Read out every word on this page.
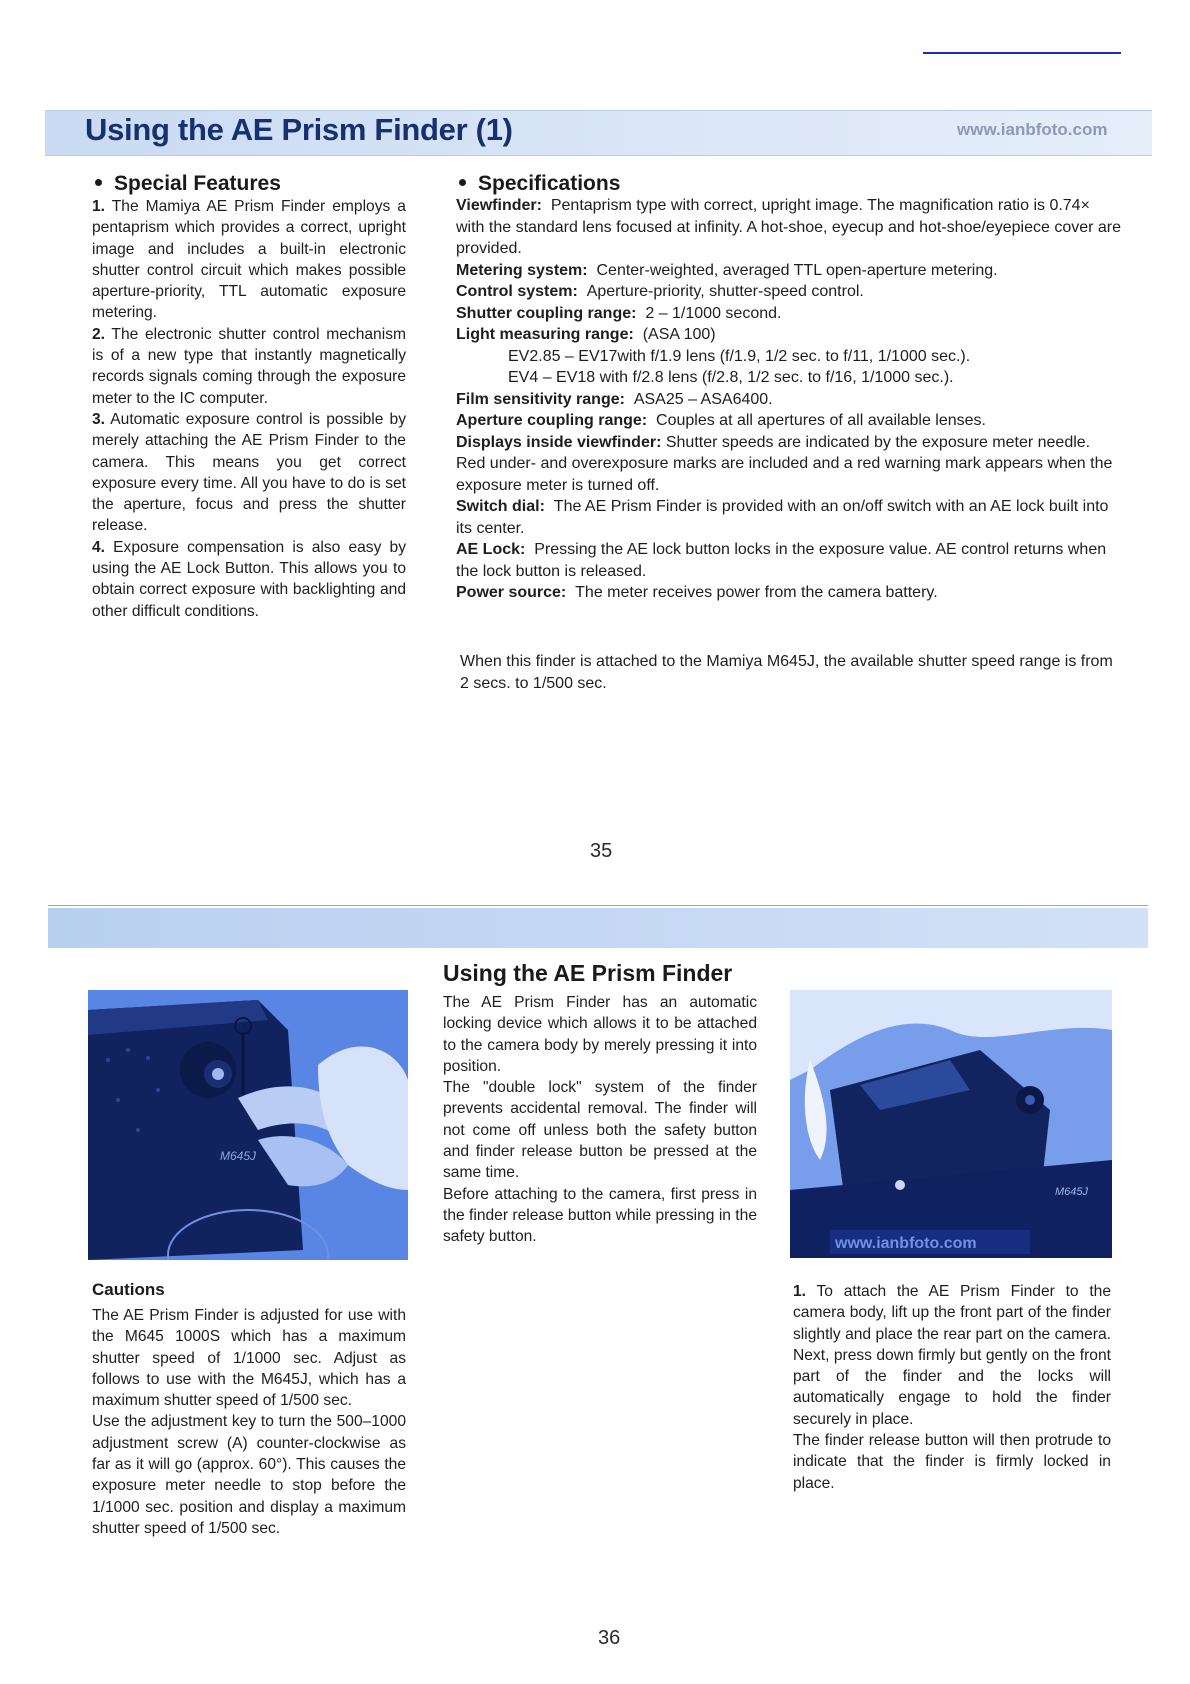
Using the AE Prism Finder (1)	www.ianbfoto.com
Special Features

1. The Mamiya AE Prism Finder employs a pentaprism which provides a correct, upright image and includes a built-in electronic shutter control circuit which makes possible aperture-priority, TTL automatic exposure metering.

2. The electronic shutter control mechanism is of a new type that instantly magnetically records signals coming through the exposure meter to the IC computer.

3. Automatic exposure control is possible by merely attaching the AE Prism Finder to the camera. This means you get correct exposure every time. All you have to do is set the aperture, focus and press the shutter release.

4. Exposure compensation is also easy by using the AE Lock Button. This allows you to obtain correct exposure with backlighting and other difficult conditions.

Specifications

Viewfinder: Pentaprism type with correct, upright image. The magnification ratio is 0.74× with the standard lens focused at infinity. A hot-shoe, eyecup and hot-shoe/eyepiece cover are provided.

Metering system: Center-weighted, averaged TTL open-aperture metering.

Control system: Aperture-priority, shutter-speed control.

Shutter coupling range: 2 – 1/1000 second.

Light measuring range: (ASA 100)
EV2.85 – EV17with f/1.9 lens (f/1.9, 1/2 sec. to f/11, 1/1000 sec.).
EV4 – EV18 with f/2.8 lens (f/2.8, 1/2 sec. to f/16, 1/1000 sec.).

Film sensitivity range: ASA25 – ASA6400.

Aperture coupling range: Couples at all apertures of all available lenses.

Displays inside viewfinder: Shutter speeds are indicated by the exposure meter needle. Red under- and overexposure marks are included and a red warning mark appears when the exposure meter is turned off.

Switch dial: The AE Prism Finder is provided with an on/off switch with an AE lock built into its center.

AE Lock: Pressing the AE lock button locks in the exposure value. AE control returns when the lock button is released.

Power source: The meter receives power from the camera battery.

When this finder is attached to the Mamiya M645J, the available shutter speed range is from 2 secs. to 1/500 sec.
35
Ⓐ
M645J
Using the AE Prism Finder

The AE Prism Finder has an automatic locking device which allows it to be attached to the camera body by merely pressing it into position.

The "double lock" system of the finder prevents accidental removal. The finder will not come off unless both the safety button and finder release button be pressed at the same time.

Before attaching to the camera, first press in the finder release button while pressing in the safety button.

M645J
www.ianbfoto.com
Cautions

The AE Prism Finder is adjusted for use with the M645 1000S which has a maximum shutter speed of 1/1000 sec. Adjust as follows to use with the M645J, which has a maximum shutter speed of 1/500 sec.

Use the adjustment key to turn the 500–1000 adjustment screw (A) counter-clockwise as far as it will go (approx. 60°). This causes the exposure meter needle to stop before the 1/1000 sec. position and display a maximum shutter speed of 1/500 sec.

1. To attach the AE Prism Finder to the camera body, lift up the front part of the finder slightly and place the rear part on the camera. Next, press down firmly but gently on the front part of the finder and the locks will automatically engage to hold the finder securely in place.

The finder release button will then protrude to indicate that the finder is firmly locked in place.

36
